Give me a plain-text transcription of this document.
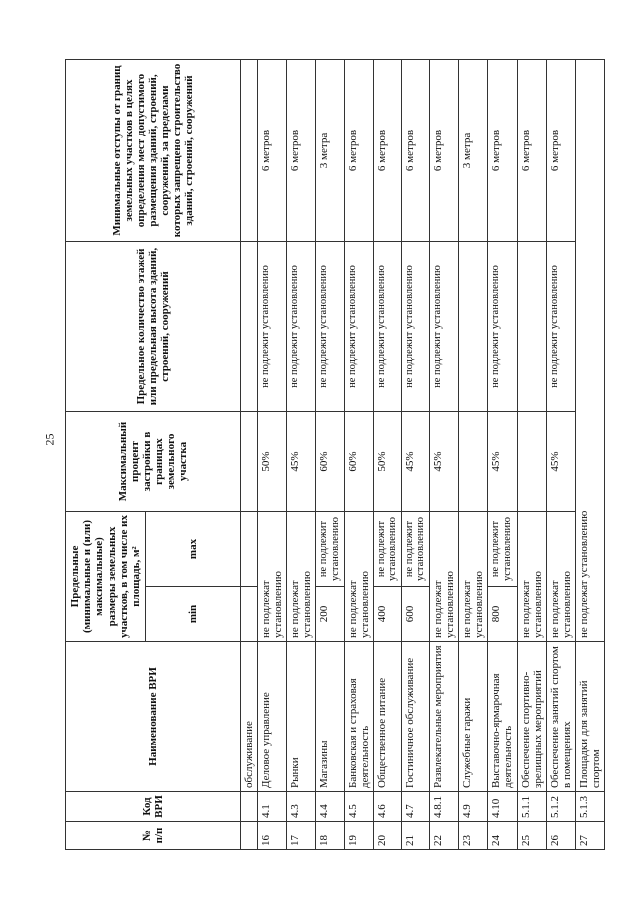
25
№ п/п	Код ВРИ	Наименование ВРИ	Предельные (минимальные и (или) максимальные) размеры земельных участков, в том числе их площадь, м²		Максимальный процент застройки в границах земельного участка	Предельное количество этажей или предельная высота зданий, строений, сооружений	Минимальные отступы от границ земельных участков в целях определения мест допустимого размещения зданий, строений, сооружений, за пределами которых запрещено строительство зданий, строений, сооружений
			min	max			
		обслуживание					
16	4.1	Деловое управление	не подлежат установлению		50%	не подлежит установлению	6 метров
17	4.3	Рынки	не подлежат установлению		45%	не подлежит установлению	6 метров
18	4.4	Магазины	200	не подлежит установлению	60%	не подлежит установлению	3 метра
19	4.5	Банковская и страховая деятельность	не подлежат установлению		60%	не подлежит установлению	6 метров
20	4.6	Общественное питание	400	не подлежит установлению	50%	не подлежит установлению	6 метров
21	4.7	Гостиничное обслуживание	600	не подлежит установлению	45%	не подлежит установлению	6 метров
22	4.8.1	Развлекательные мероприятия	не подлежат установлению		45%	не подлежит установлению	6 метров
23	4.9	Служебные гаражи	не подлежат установлению				3 метра
24	4.10	Выставочно-ярмарочная деятельность	800	не подлежит установлению	45%	не подлежит установлению	6 метров
25	5.1.1	Обеспечение спортивно-зрелищных мероприятий	не подлежат установлению				6 метров
26	5.1.2	Обеспечение занятий спортом в помещениях	не подлежат установлению		45%	не подлежит установлению	6 метров
27	5.1.3	Площадки для занятий спортом	не подлежат установлению				
